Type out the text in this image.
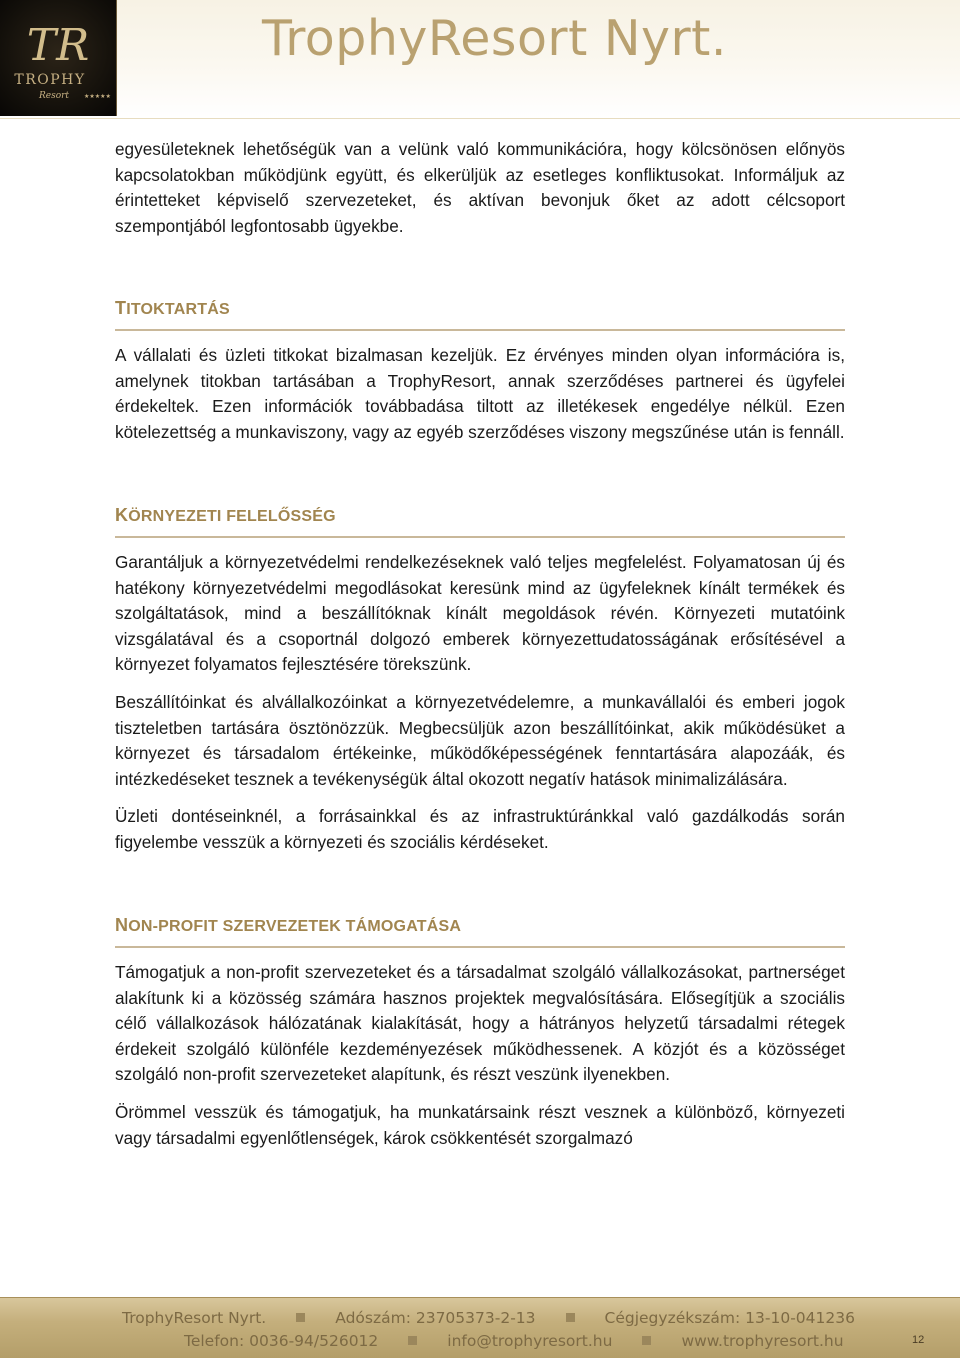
TR
TROPHY
Resort ★★★★★
TrophyResort Nyrt.

egyesületeknek lehetőségük van a velünk való kommunikációra, hogy kölcsönösen előnyös kapcsolatokban működjünk együtt, és elkerüljük az esetleges konfliktusokat. Informáljuk az érintetteket képviselő szervezeteket, és aktívan bevonjuk őket az adott célcsoport szempontjából legfontosabb ügyekbe.

TITOKTARTÁS

A vállalati és üzleti titkokat bizalmasan kezeljük. Ez érvényes minden olyan információra is, amelynek titokban tartásában a TrophyResort, annak szerződéses partnerei és ügyfelei érdekeltek. Ezen információk továbbadása tiltott az illetékesek engedélye nélkül. Ezen kötelezettség a munkaviszony, vagy az egyéb szerződéses viszony megszűnése után is fennáll.

KÖRNYEZETI FELELŐSSÉG

Garantáljuk a környezetvédelmi rendelkezéseknek való teljes megfelelést. Folyamatosan új és hatékony környezetvédelmi megodlásokat keresünk mind az ügyfeleknek kínált termékek és szolgáltatások, mind a beszállítóknak kínált megoldások révén. Környezeti mutatóink vizsgálatával és a csoportnál dolgozó emberek környezettudatosságának erősítésével a környezet folyamatos fejlesztésére törekszünk.

Beszállítóinkat és alvállalkozóinkat a környezetvédelemre, a munkavállalói és emberi jogok tiszteletben tartására ösztönözzük. Megbecsüljük azon beszállítóinkat, akik működésüket a környezet és társadalom értékeinke, működőképességének fenntartására alapozáák, és intézkedéseket tesznek a tevékenységük által okozott negatív hatások minimalizálására.

Üzleti dontéseinknél, a forrásainkkal és az infrastruktúránkkal való gazdálkodás során figyelembe vesszük a környezeti és szociális kérdéseket.

NON-PROFIT SZERVEZETEK TÁMOGATÁSA

Támogatjuk a non-profit szervezeteket és a társadalmat szolgáló vállalkozásokat, partnerséget alakítunk ki a közösség számára hasznos projektek megvalósítására. Elősegítjük a szociális célő vállalkozások hálózatának kialakítását, hogy a hátrányos helyzetű társadalmi rétegek érdekeit szolgáló különféle kezdeményezések működhessenek. A közjót és a közösséget szolgáló non-profit szervezeteket alapítunk, és részt veszünk ilyenekben.

Örömmel vesszük és támogatjuk, ha munkatársaink részt vesznek a különböző, környezeti vagy társadalmi egyenlőtlenségek, károk csökkentését szorgalmazó

TrophyResort Nyrt.	Adószám: 23705373-2-13	Cégjegyzékszám: 13-10-041236
Telefon: 0036-94/526012	info@trophyresort.hu	www.trophyresort.hu	12
